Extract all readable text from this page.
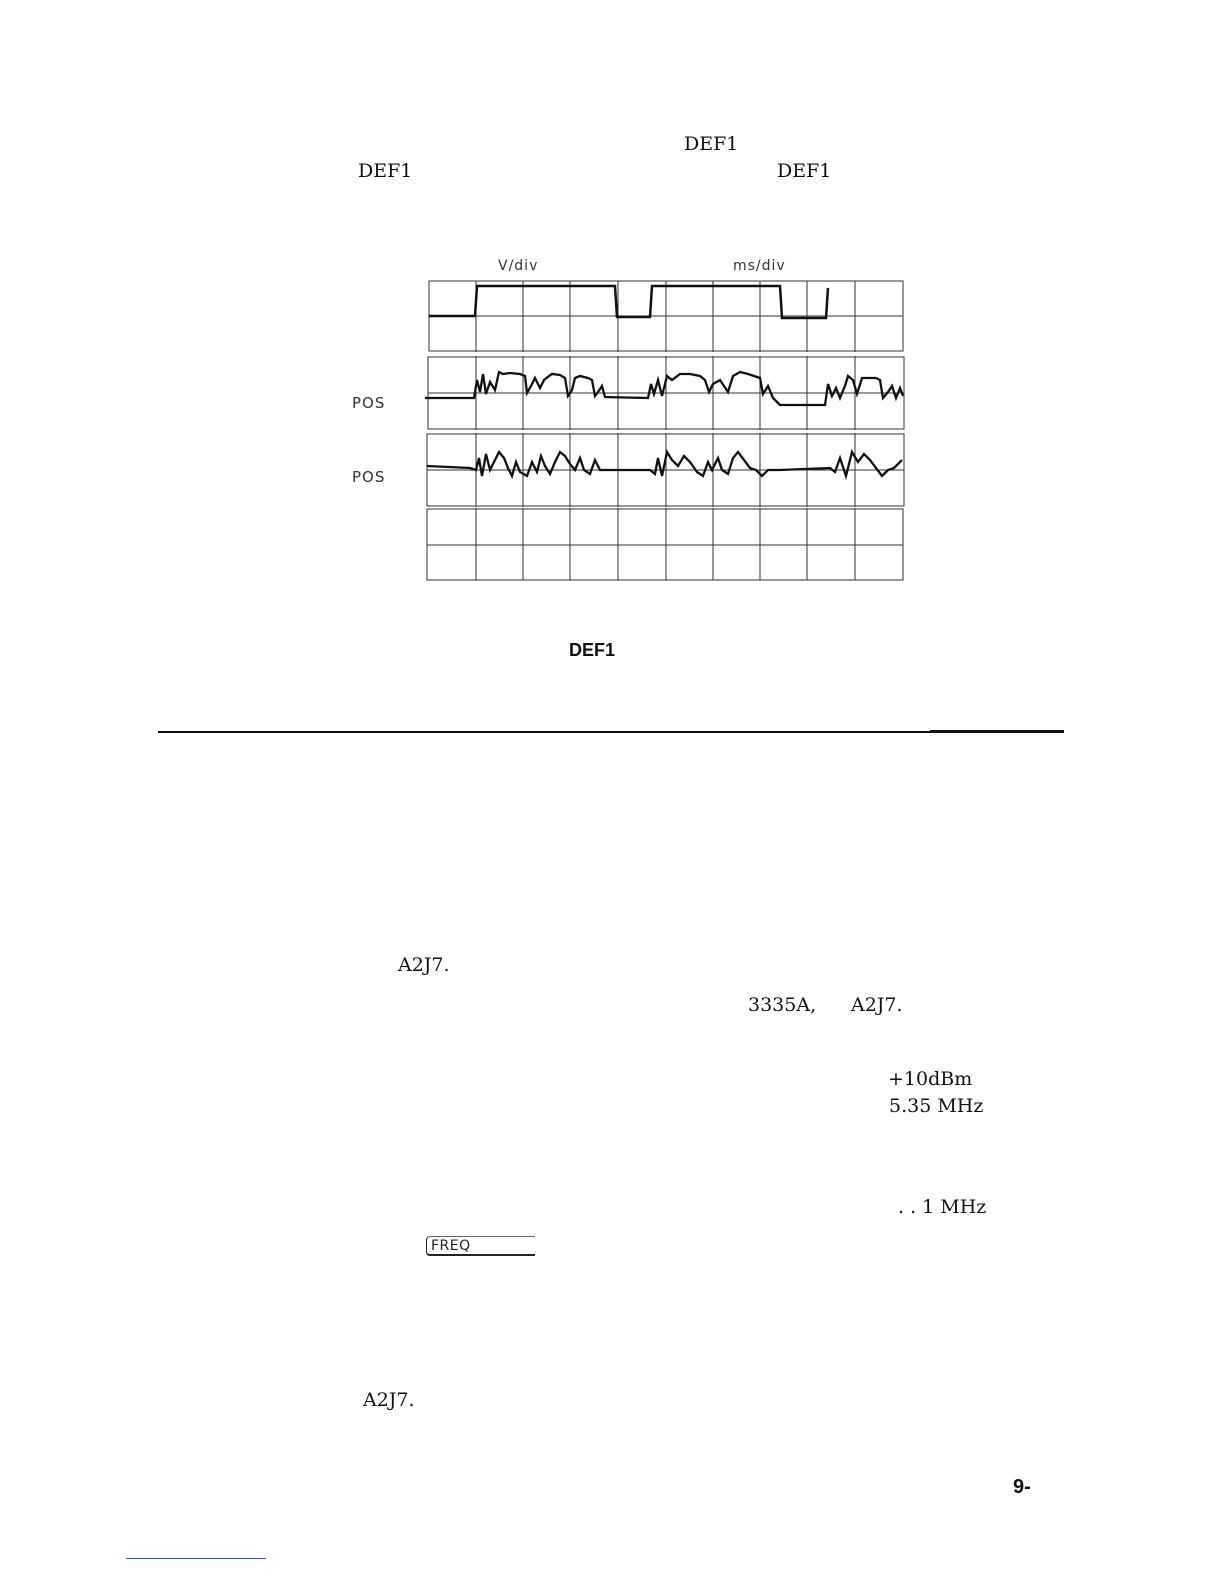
DEF1
DEF1	DEF1
V/div	ms/div
POS
POS
DEF1
A2J7.
3335A, A2J7.
+10dBm
5.35 MHz
. . 1 MHz
FREQ
A2J7.
9-
